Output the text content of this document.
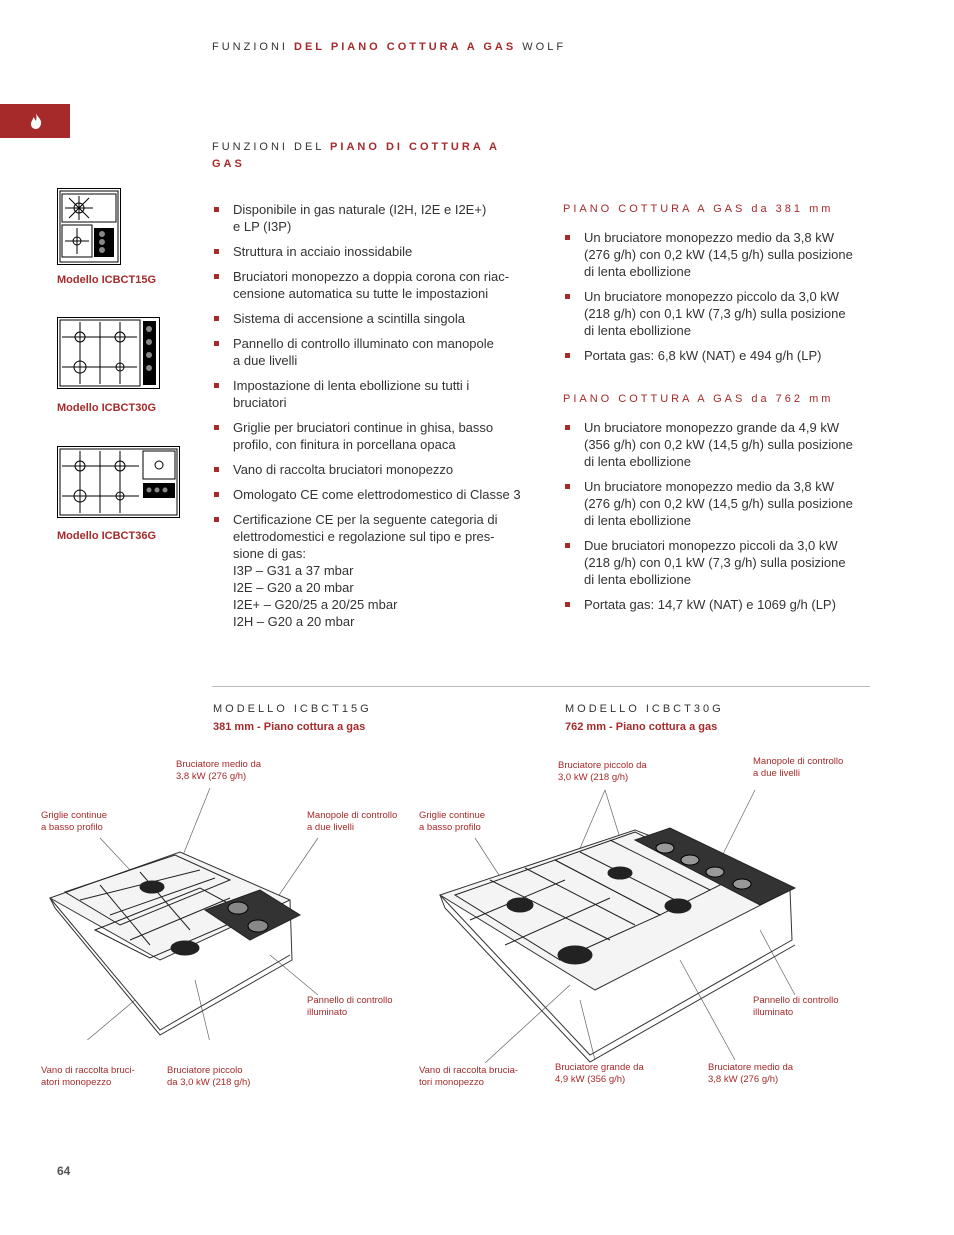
FUNZIONI DEL PIANO COTTURA A GAS WOLF
FUNZIONI DEL PIANO DI COTTURA A GAS
Modello ICBCT15G
Modello ICBCT30G
Modello ICBCT36G
Disponibile in gas naturale (I2H, I2E e I2E+)
e LP (I3P)
Struttura in acciaio inossidabile
Bruciatori monopezzo a doppia corona con riac-
censione automatica su tutte le impostazioni
Sistema di accensione a scintilla singola
Pannello di controllo illuminato con manopole
a due livelli
Impostazione di lenta ebollizione su tutti i
bruciatori
Griglie per bruciatori continue in ghisa, basso
profilo, con finitura in porcellana opaca
Vano di raccolta bruciatori monopezzo
Omologato CE come elettrodomestico di Classe 3
Certificazione CE per la seguente categoria di
elettrodomestici e regolazione sul tipo e pres-
sione di gas:
I3P – G31 a 37 mbar
I2E – G20 a 20 mbar
I2E+ – G20/25 a 20/25 mbar
I2H – G20 a 20 mbar
PIANO COTTURA A GAS da 381 mm
Un bruciatore monopezzo medio da 3,8 kW
(276 g/h) con 0,2 kW (14,5 g/h) sulla posizione
di lenta ebollizione
Un bruciatore monopezzo piccolo da 3,0 kW
(218 g/h) con 0,1 kW (7,3 g/h) sulla posizione
di lenta ebollizione
Portata gas: 6,8 kW (NAT) e 494 g/h (LP)
PIANO COTTURA A GAS da 762 mm
Un bruciatore monopezzo grande da 4,9 kW
(356 g/h) con 0,2 kW (14,5 g/h) sulla posizione
di lenta ebollizione
Un bruciatore monopezzo medio da 3,8 kW
(276 g/h) con 0,2 kW (14,5 g/h) sulla posizione
di lenta ebollizione
Due bruciatori monopezzo piccoli da 3,0 kW
(218 g/h) con 0,1 kW (7,3 g/h) sulla posizione
di lenta ebollizione
Portata gas: 14,7 kW (NAT) e 1069 g/h (LP)
MODELLO ICBCT15G
381 mm - Piano cottura a gas
MODELLO ICBCT30G
762 mm - Piano cottura a gas
Bruciatore medio da
3,8 kW (276 g/h)
Griglie continue
a basso profilo
Manopole di controllo
a due livelli
Pannello di controllo
illuminato
Vano di raccolta bruci-
atori monopezzo
Bruciatore piccolo
da 3,0 kW (218 g/h)
Bruciatore piccolo da
3,0 kW (218 g/h)
Manopole di controllo
a due livelli
Griglie continue
a basso profilo
Pannello di controllo
illuminato
Vano di raccolta brucia-
tori monopezzo
Bruciatore grande da
4,9 kW (356 g/h)
Bruciatore medio da
3,8 kW (276 g/h)
64
